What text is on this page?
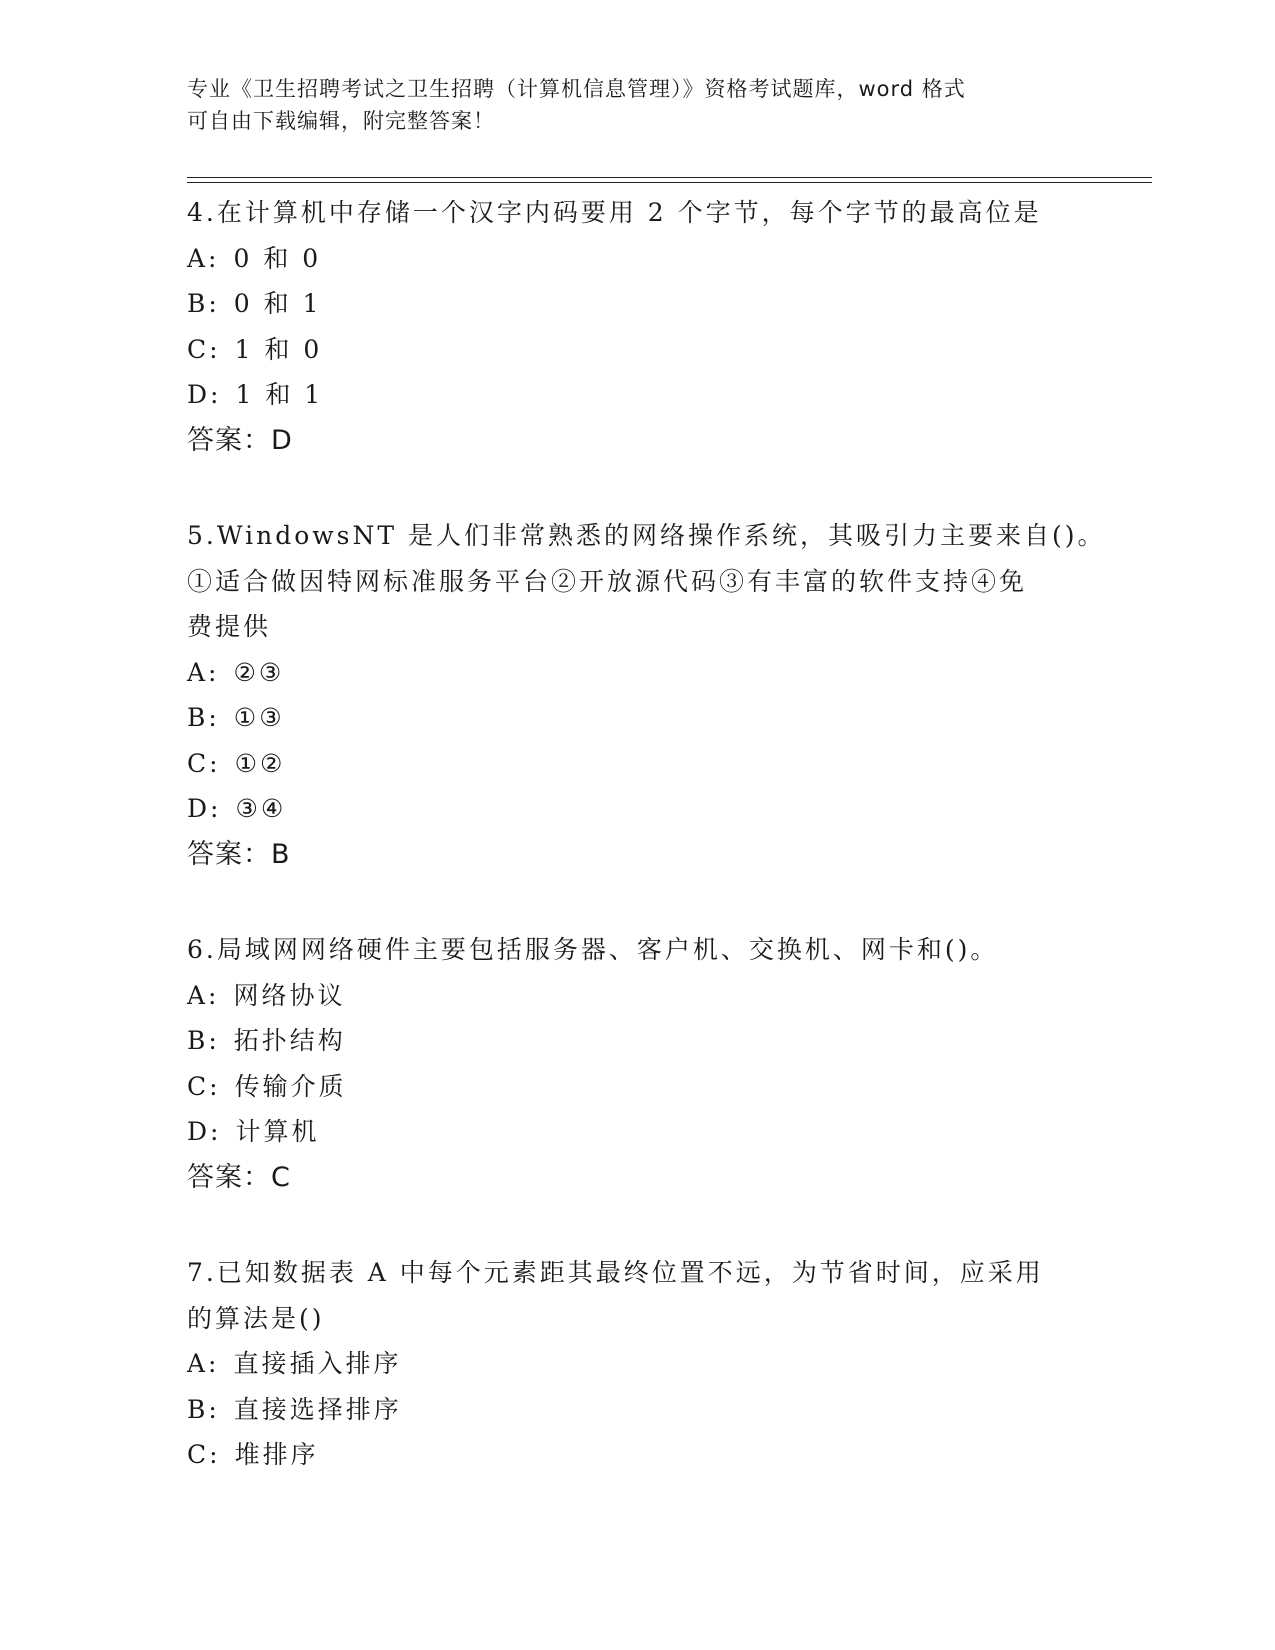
专业《卫生招聘考试之卫生招聘（计算机信息管理）》资格考试题库，word 格式
可自由下载编辑，附完整答案！
4.在计算机中存储一个汉字内码要用 2 个字节，每个字节的最高位是
A: 0 和 0
B: 0 和 1
C: 1 和 0
D: 1 和 1
答案：D
5.WindowsNT 是人们非常熟悉的网络操作系统，其吸引力主要来自()。
①适合做因特网标准服务平台②开放源代码③有丰富的软件支持④免
费提供
A: ②③
B: ①③
C: ①②
D: ③④
答案：B
6.局域网网络硬件主要包括服务器、客户机、交换机、网卡和()。
A: 网络协议
B: 拓扑结构
C: 传输介质
D: 计算机
答案：C
7.已知数据表 A 中每个元素距其最终位置不远，为节省时间，应采用
的算法是()
A: 直接插入排序
B: 直接选择排序
C: 堆排序
